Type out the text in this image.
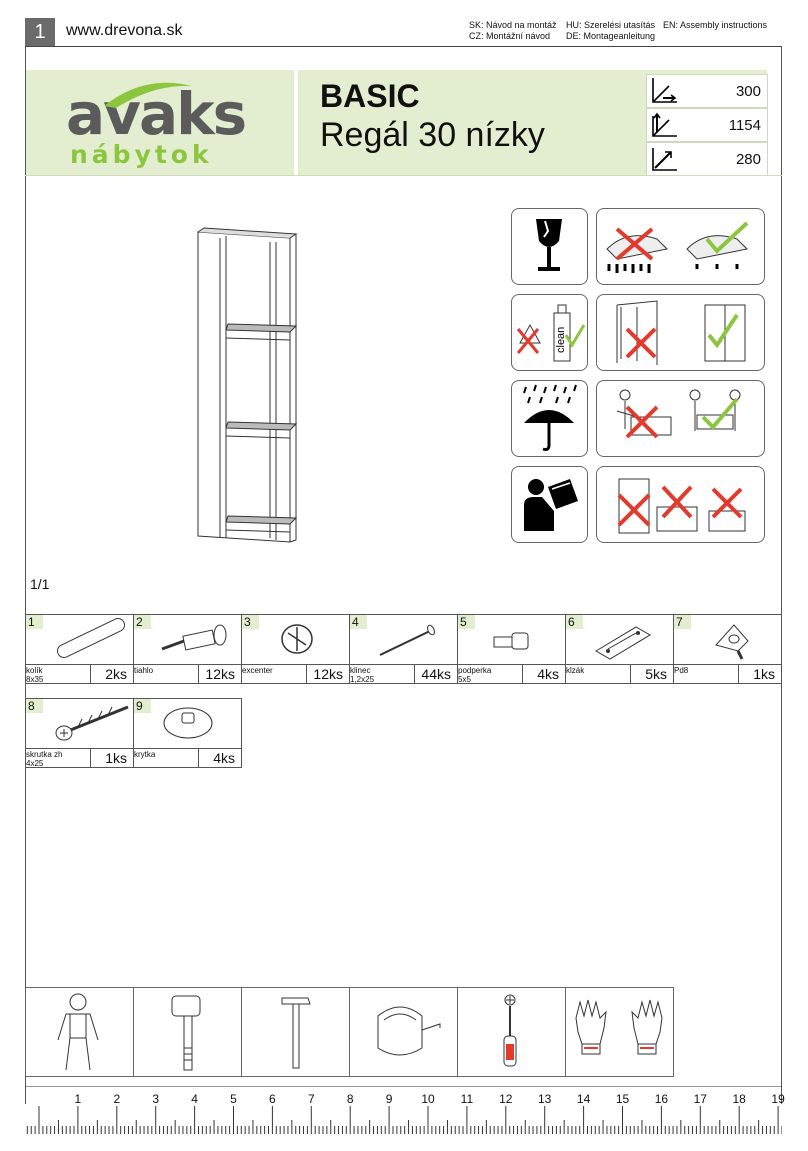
1	www.drevona.sk	SK: Návod na montáž HU: Szerelési utasítás EN: Assembly instructions
CZ: Montážní návod DE: Montageanleitung
avaks
nábytok
BASIC
Regál 30 nízky
300
1154
280
clean
1/1
1
kolík
8x35	2ks
2
tiahlo	12ks
3
excenter	12ks
4
klinec
1,2x25	44ks
5
podperka
5x5	4ks
6
klzák	5ks
7
Pd8	1ks
8
skrutka zh
4x25	1ks
9
krytka	4ks
1	2	3	4	5	6	7	8	9 10 11 12 13 14 15 16 17 18 19
